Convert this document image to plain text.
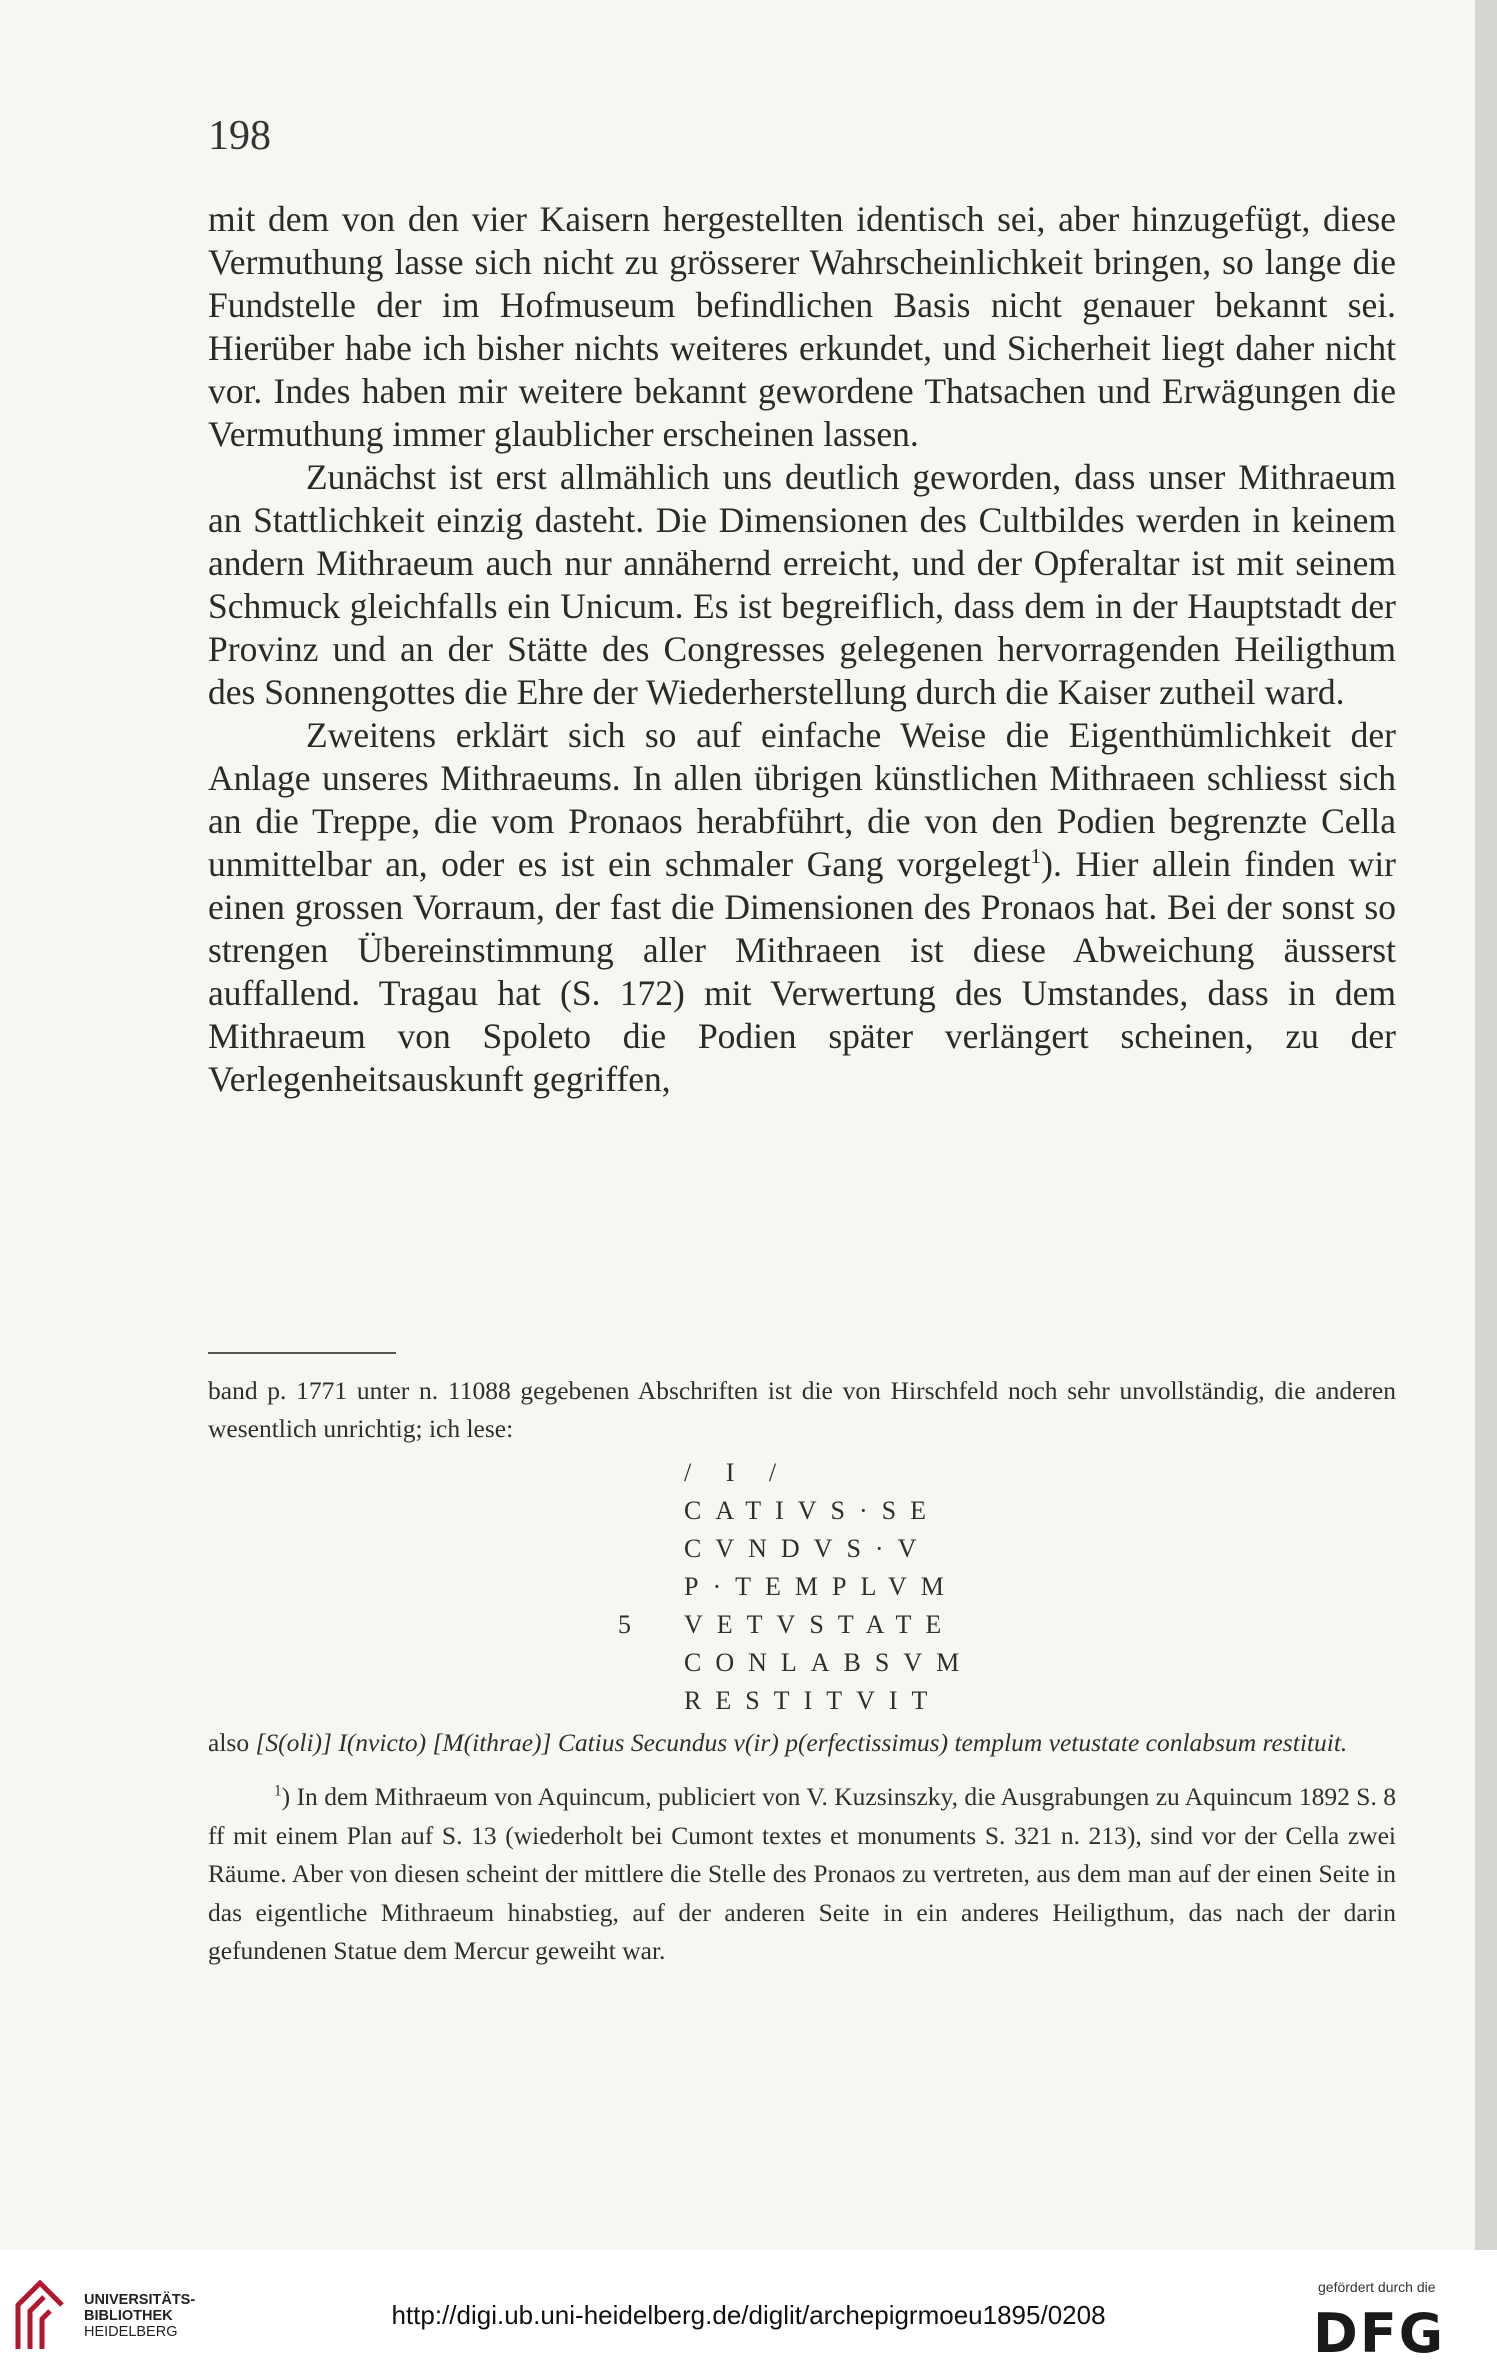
198

mit dem von den vier Kaisern hergestellten identisch sei, aber hinzugefügt, diese Vermuthung lasse sich nicht zu grösserer Wahrscheinlichkeit bringen, so lange die Fundstelle der im Hofmuseum befindlichen Basis nicht genauer bekannt sei. Hierüber habe ich bisher nichts weiteres erkundet, und Sicherheit liegt daher nicht vor. Indes haben mir weitere bekannt gewordene Thatsachen und Erwägungen die Vermuthung immer glaublicher erscheinen lassen.

Zunächst ist erst allmählich uns deutlich geworden, dass unser Mithraeum an Stattlichkeit einzig dasteht. Die Dimensionen des Cultbildes werden in keinem andern Mithraeum auch nur annähernd erreicht, und der Opferaltar ist mit seinem Schmuck gleichfalls ein Unicum. Es ist begreiflich, dass dem in der Hauptstadt der Provinz und an der Stätte des Congresses gelegenen hervorragenden Heiligthum des Sonnengottes die Ehre der Wiederherstellung durch die Kaiser zutheil ward.

Zweitens erklärt sich so auf einfache Weise die Eigenthümlichkeit der Anlage unseres Mithraeums. In allen übrigen künstlichen Mithraeen schliesst sich an die Treppe, die vom Pronaos herabführt, die von den Podien begrenzte Cella unmittelbar an, oder es ist ein schmaler Gang vorgelegt$^1$). Hier allein finden wir einen grossen Vorraum, der fast die Dimensionen des Pronaos hat. Bei der sonst so strengen Übereinstimmung aller Mithraeen ist diese Abweichung äusserst auffallend. Tragau hat (S. 172) mit Verwertung des Umstandes, dass in dem Mithraeum von Spoleto die Podien später verlängert scheinen, zu der Verlegenheitsauskunft gegriffen,

band p. 1771 unter n. 11088 gegebenen Abschriften ist die von Hirschfeld noch sehr unvollständig, die anderen wesentlich unrichtig; ich lese:

/ I /
CATIVS·SE
CVNDVS·V
P·TEMPLVM
5 VETVSTATE
CONLABSVM
RESTITVIT

also [S(oli)] I(nvicto) [M(ithrae)] Catius Secundus v(ir) p(erfectissimus) templum vetustate conlabsum restituit.

$^1$) In dem Mithraeum von Aquincum, publiciert von V. Kuzsinszky, die Ausgrabungen zu Aquincum 1892 S. 8 ff mit einem Plan auf S. 13 (wiederholt bei Cumont textes et monuments S. 321 n. 213), sind vor der Cella zwei Räume. Aber von diesen scheint der mittlere die Stelle des Pronaos zu vertreten, aus dem man auf der einen Seite in das eigentliche Mithraeum hinabstieg, auf der anderen Seite in ein anderes Heiligthum, das nach der darin gefundenen Statue dem Mercur geweiht war.

UNIVERSITÄTS-
BIBLIOTHEK
HEIDELBERG
http://digi.ub.uni-heidelberg.de/diglit/archepigrmoeu1895/0208
gefördert durch die
DFG
